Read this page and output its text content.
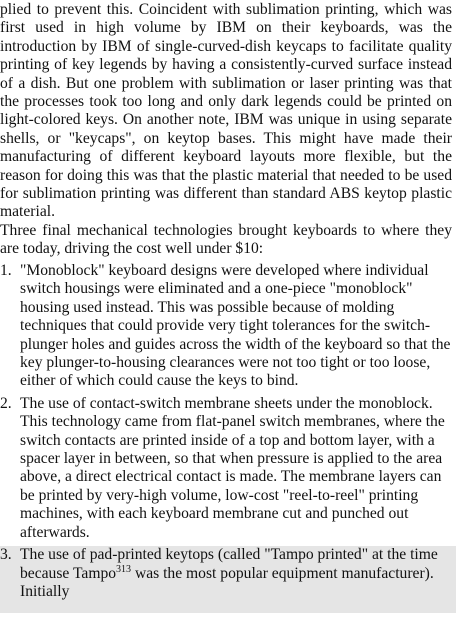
plied to prevent this. Coincident with sublimation printing, which was first used in high volume by IBM on their keyboards, was the introduction by IBM of single-curved-dish keycaps to facilitate quality printing of key legends by having a consistently-curved surface instead of a dish. But one problem with sublimation or laser printing was that the processes took too long and only dark legends could be printed on light-colored keys. On another note, IBM was unique in using separate shells, or "keycaps", on keytop bases. This might have made their manufacturing of different keyboard layouts more flexible, but the reason for doing this was that the plastic material that needed to be used for sublimation printing was different than standard ABS keytop plastic material.

Three final mechanical technologies brought keyboards to where they are today, driving the cost well under $10:

1. "Monoblock" keyboard designs were developed where individual switch housings were eliminated and a one-piece "monoblock" housing used instead. This was possible because of molding techniques that could provide very tight tolerances for the switch-plunger holes and guides across the width of the keyboard so that the key plunger-to-housing clearances were not too tight or too loose, either of which could cause the keys to bind.
2. The use of contact-switch membrane sheets under the monoblock. This technology came from flat-panel switch membranes, where the switch contacts are printed inside of a top and bottom layer, with a spacer layer in between, so that when pressure is applied to the area above, a direct electrical contact is made. The membrane layers can be printed by very-high volume, low-cost "reel-to-reel" printing machines, with each keyboard membrane cut and punched out afterwards.
3. The use of pad-printed keytops (called "Tampo printed" at the time because Tampo$^{313}$ was the most popular equipment manufacturer). Initially
